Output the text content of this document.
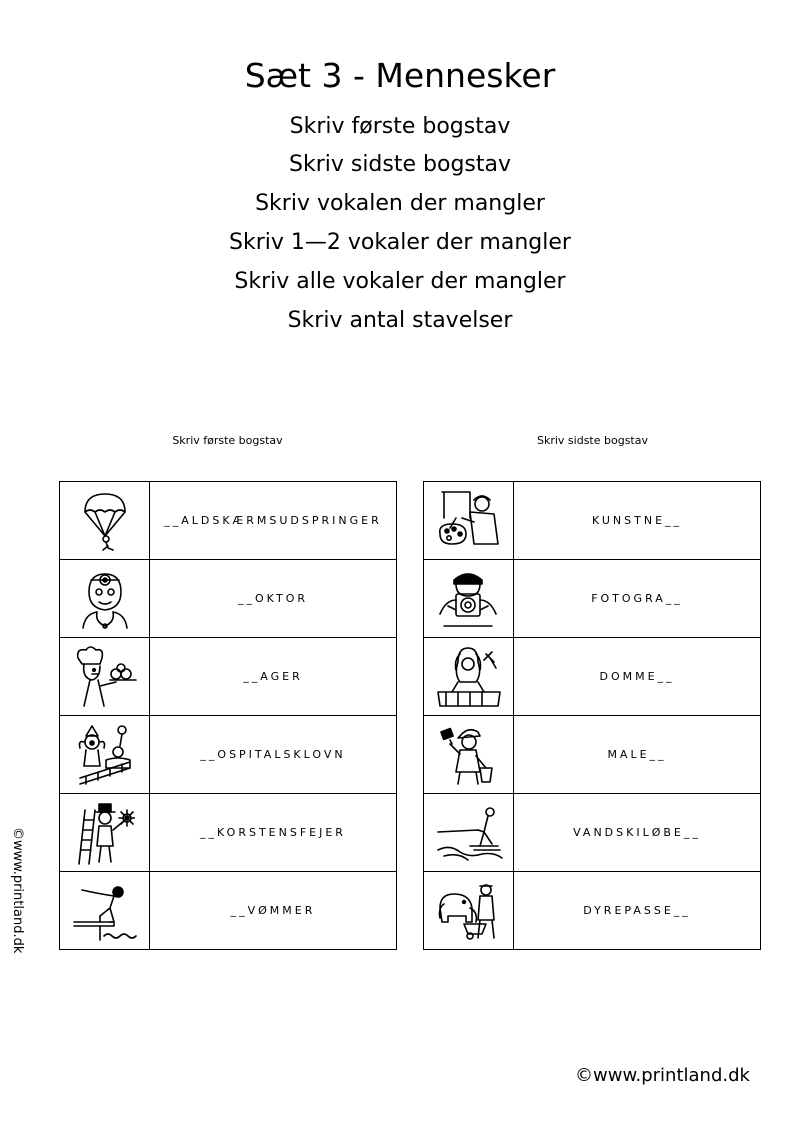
Sæt 3 - Mennesker
Skriv første bogstav
Skriv sidste bogstav
Skriv vokalen der mangler
Skriv 1—2 vokaler der mangler
Skriv alle vokaler der mangler
Skriv antal stavelser
Skriv første bogstav	Skriv sidste bogstav
	__ALDSKÆRMSUDSPRINGER

	__OKTOR

	__AGER

	__OSPITALSKLOVN

	__KORSTENSFEJER

	__VØMMER
	KUNSTNE__

	FOTOGRA__

	DOMME__

	MALE__

	VANDSKILØBE__

	DYREPASSE__
©www.printland.dk
©www.printland.dk
